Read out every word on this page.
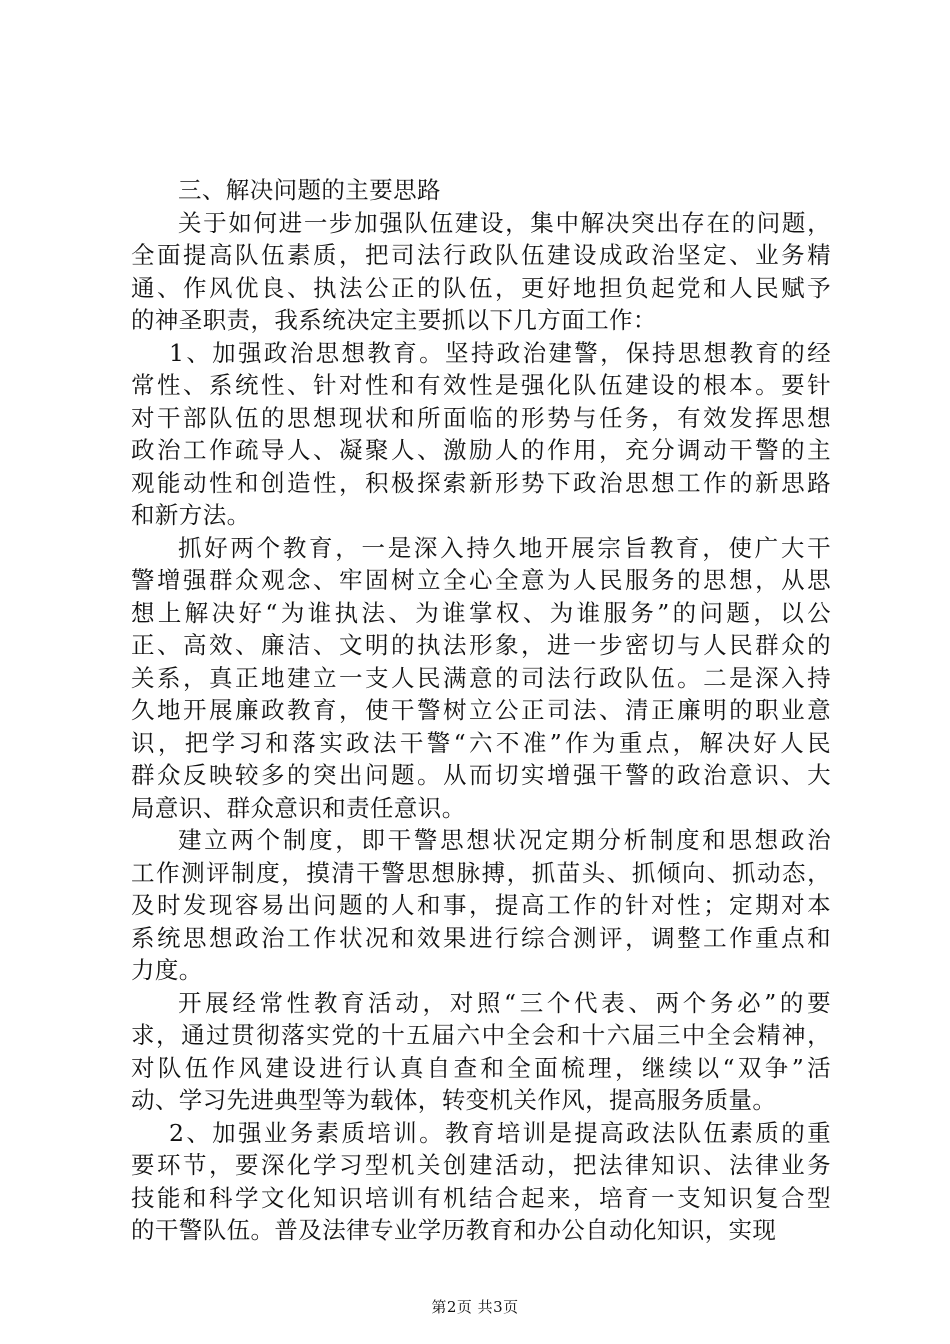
三、解决问题的主要思路
关于如何进一步加强队伍建设，集中解决突出存在的问题，
全面提高队伍素质，把司法行政队伍建设成政治坚定、业务精
通、作风优良、执法公正的队伍，更好地担负起党和人民赋予
的神圣职责，我系统决定主要抓以下几方面工作：
1、加强政治思想教育。坚持政治建警，保持思想教育的经
常性、系统性、针对性和有效性是强化队伍建设的根本。要针
对干部队伍的思想现状和所面临的形势与任务，有效发挥思想
政治工作疏导人、凝聚人、激励人的作用，充分调动干警的主
观能动性和创造性，积极探索新形势下政治思想工作的新思路
和新方法。
抓好两个教育，一是深入持久地开展宗旨教育，使广大干
警增强群众观念、牢固树立全心全意为人民服务的思想，从思
想上解决好“为谁执法、为谁掌权、为谁服务”的问题，以公
正、高效、廉洁、文明的执法形象，进一步密切与人民群众的
关系，真正地建立一支人民满意的司法行政队伍。二是深入持
久地开展廉政教育，使干警树立公正司法、清正廉明的职业意
识，把学习和落实政法干警“六不准”作为重点，解决好人民
群众反映较多的突出问题。从而切实增强干警的政治意识、大
局意识、群众意识和责任意识。
建立两个制度，即干警思想状况定期分析制度和思想政治
工作测评制度，摸清干警思想脉搏，抓苗头、抓倾向、抓动态，
及时发现容易出问题的人和事，提高工作的针对性；定期对本
系统思想政治工作状况和效果进行综合测评，调整工作重点和
力度。
开展经常性教育活动，对照“三个代表、两个务必”的要
求，通过贯彻落实党的十五届六中全会和十六届三中全会精神，
对队伍作风建设进行认真自查和全面梳理，继续以“双争”活
动、学习先进典型等为载体，转变机关作风，提高服务质量。
2、加强业务素质培训。教育培训是提高政法队伍素质的重
要环节，要深化学习型机关创建活动，把法律知识、法律业务
技能和科学文化知识培训有机结合起来，培育一支知识复合型
的干警队伍。普及法律专业学历教育和办公自动化知识，实现
第2页 共3页
